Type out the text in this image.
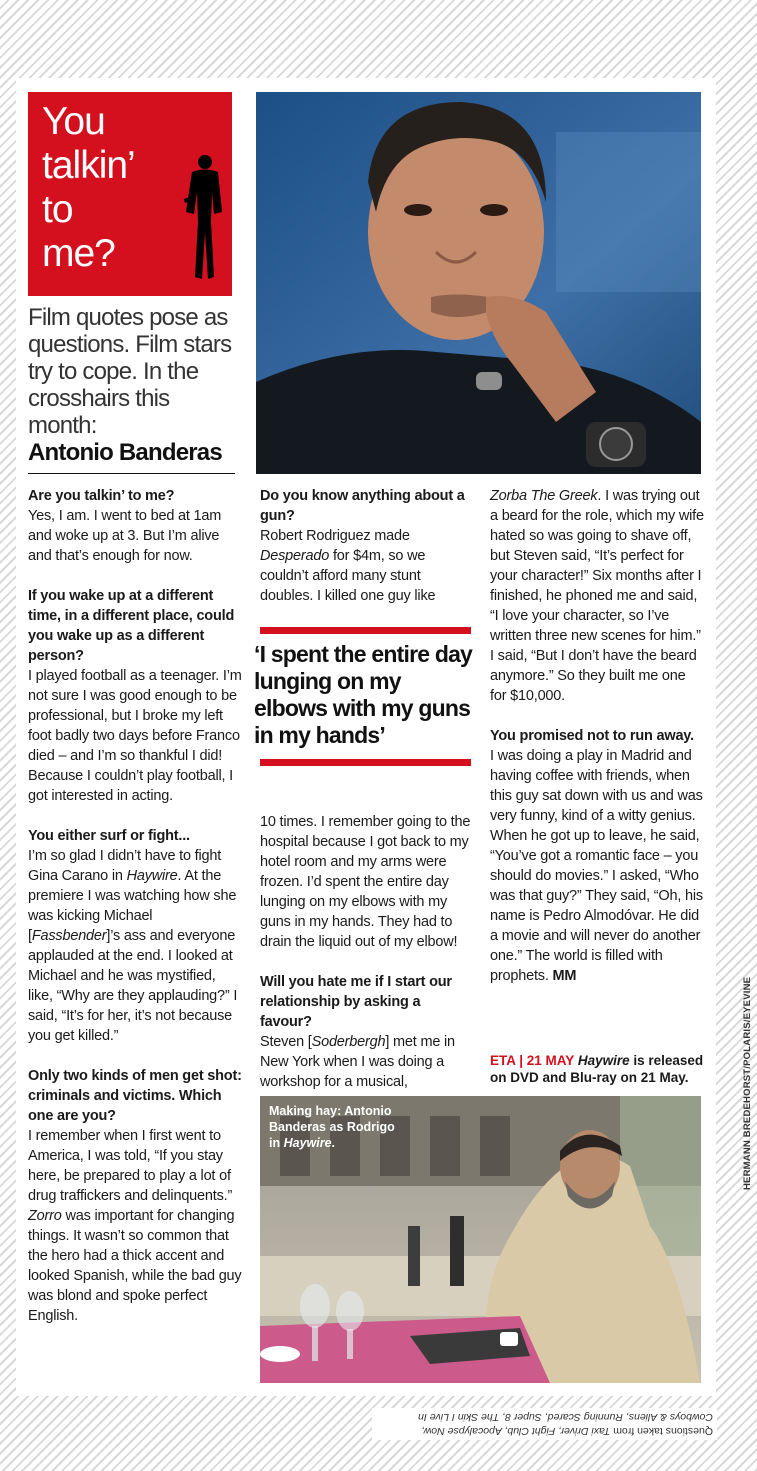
You
talkin’
to
me?
Film quotes pose as questions. Film stars try to cope. In the crosshairs this month:
Antonio Banderas

Are you talkin’ to me?
Yes, I am. I went to bed at 1am and woke up at 3. But I’m alive and that’s enough for now.

If you wake up at a different time, in a different place, could you wake up as a different person?
I played football as a teenager. I’m not sure I was good enough to be professional, but I broke my left foot badly two days before Franco died – and I’m so thankful I did! Because I couldn’t play football, I got interested in acting.

You either surf or fight...
I’m so glad I didn’t have to fight Gina Carano in Haywire. At the premiere I was watching how she was kicking Michael [Fassbender]’s ass and everyone applauded at the end. I looked at Michael and he was mystified, like, “Why are they applauding?” I said, “It’s for her, it’s not because you get killed.”

Only two kinds of men get shot: criminals and victims. Which one are you?
I remember when I first went to America, I was told, “If you stay here, be prepared to play a lot of drug traffickers and delinquents.” Zorro was important for changing things. It wasn’t so common that the hero had a thick accent and looked Spanish, while the bad guy was blond and spoke perfect English.

Do you know anything about a gun?
Robert Rodriguez made Desperado for $4m, so we couldn’t afford many stunt doubles. I killed one guy like

‘I spent the entire day lunging on my elbows with my guns in my hands’

10 times. I remember going to the hospital because I got back to my hotel room and my arms were frozen. I’d spent the entire day lunging on my elbows with my guns in my hands. They had to drain the liquid out of my elbow!

Will you hate me if I start our relationship by asking a favour?
Steven [Soderbergh] met me in New York when I was doing a workshop for a musical,

Zorba The Greek. I was trying out a beard for the role, which my wife hated so was going to shave off, but Steven said, “It’s perfect for your character!” Six months after I finished, he phoned me and said, “I love your character, so I’ve written three new scenes for him.” I said, “But I don’t have the beard anymore.” So they built me one for $10,000.

You promised not to run away.
I was doing a play in Madrid and having coffee with friends, when this guy sat down with us and was very funny, kind of a witty genius. When he got up to leave, he said, “You’ve got a romantic face – you should do movies.” I asked, “Who was that guy?” They said, “Oh, his name is Pedro Almodóvar. He did a movie and will never do another one.” The world is filled with prophets. MM

ETA | 21 MAY Haywire is released on DVD and Blu-ray on 21 May.
Making hay: Antonio Banderas as Rodrigo in Haywire.	HERMANN BREDEHORST/POLARIS/EYEVINE
Questions taken from Taxi Driver, Fight Club, Apocalypse Now, Cowboys & Aliens, Running Scared, Super 8, The Skin I Live In
